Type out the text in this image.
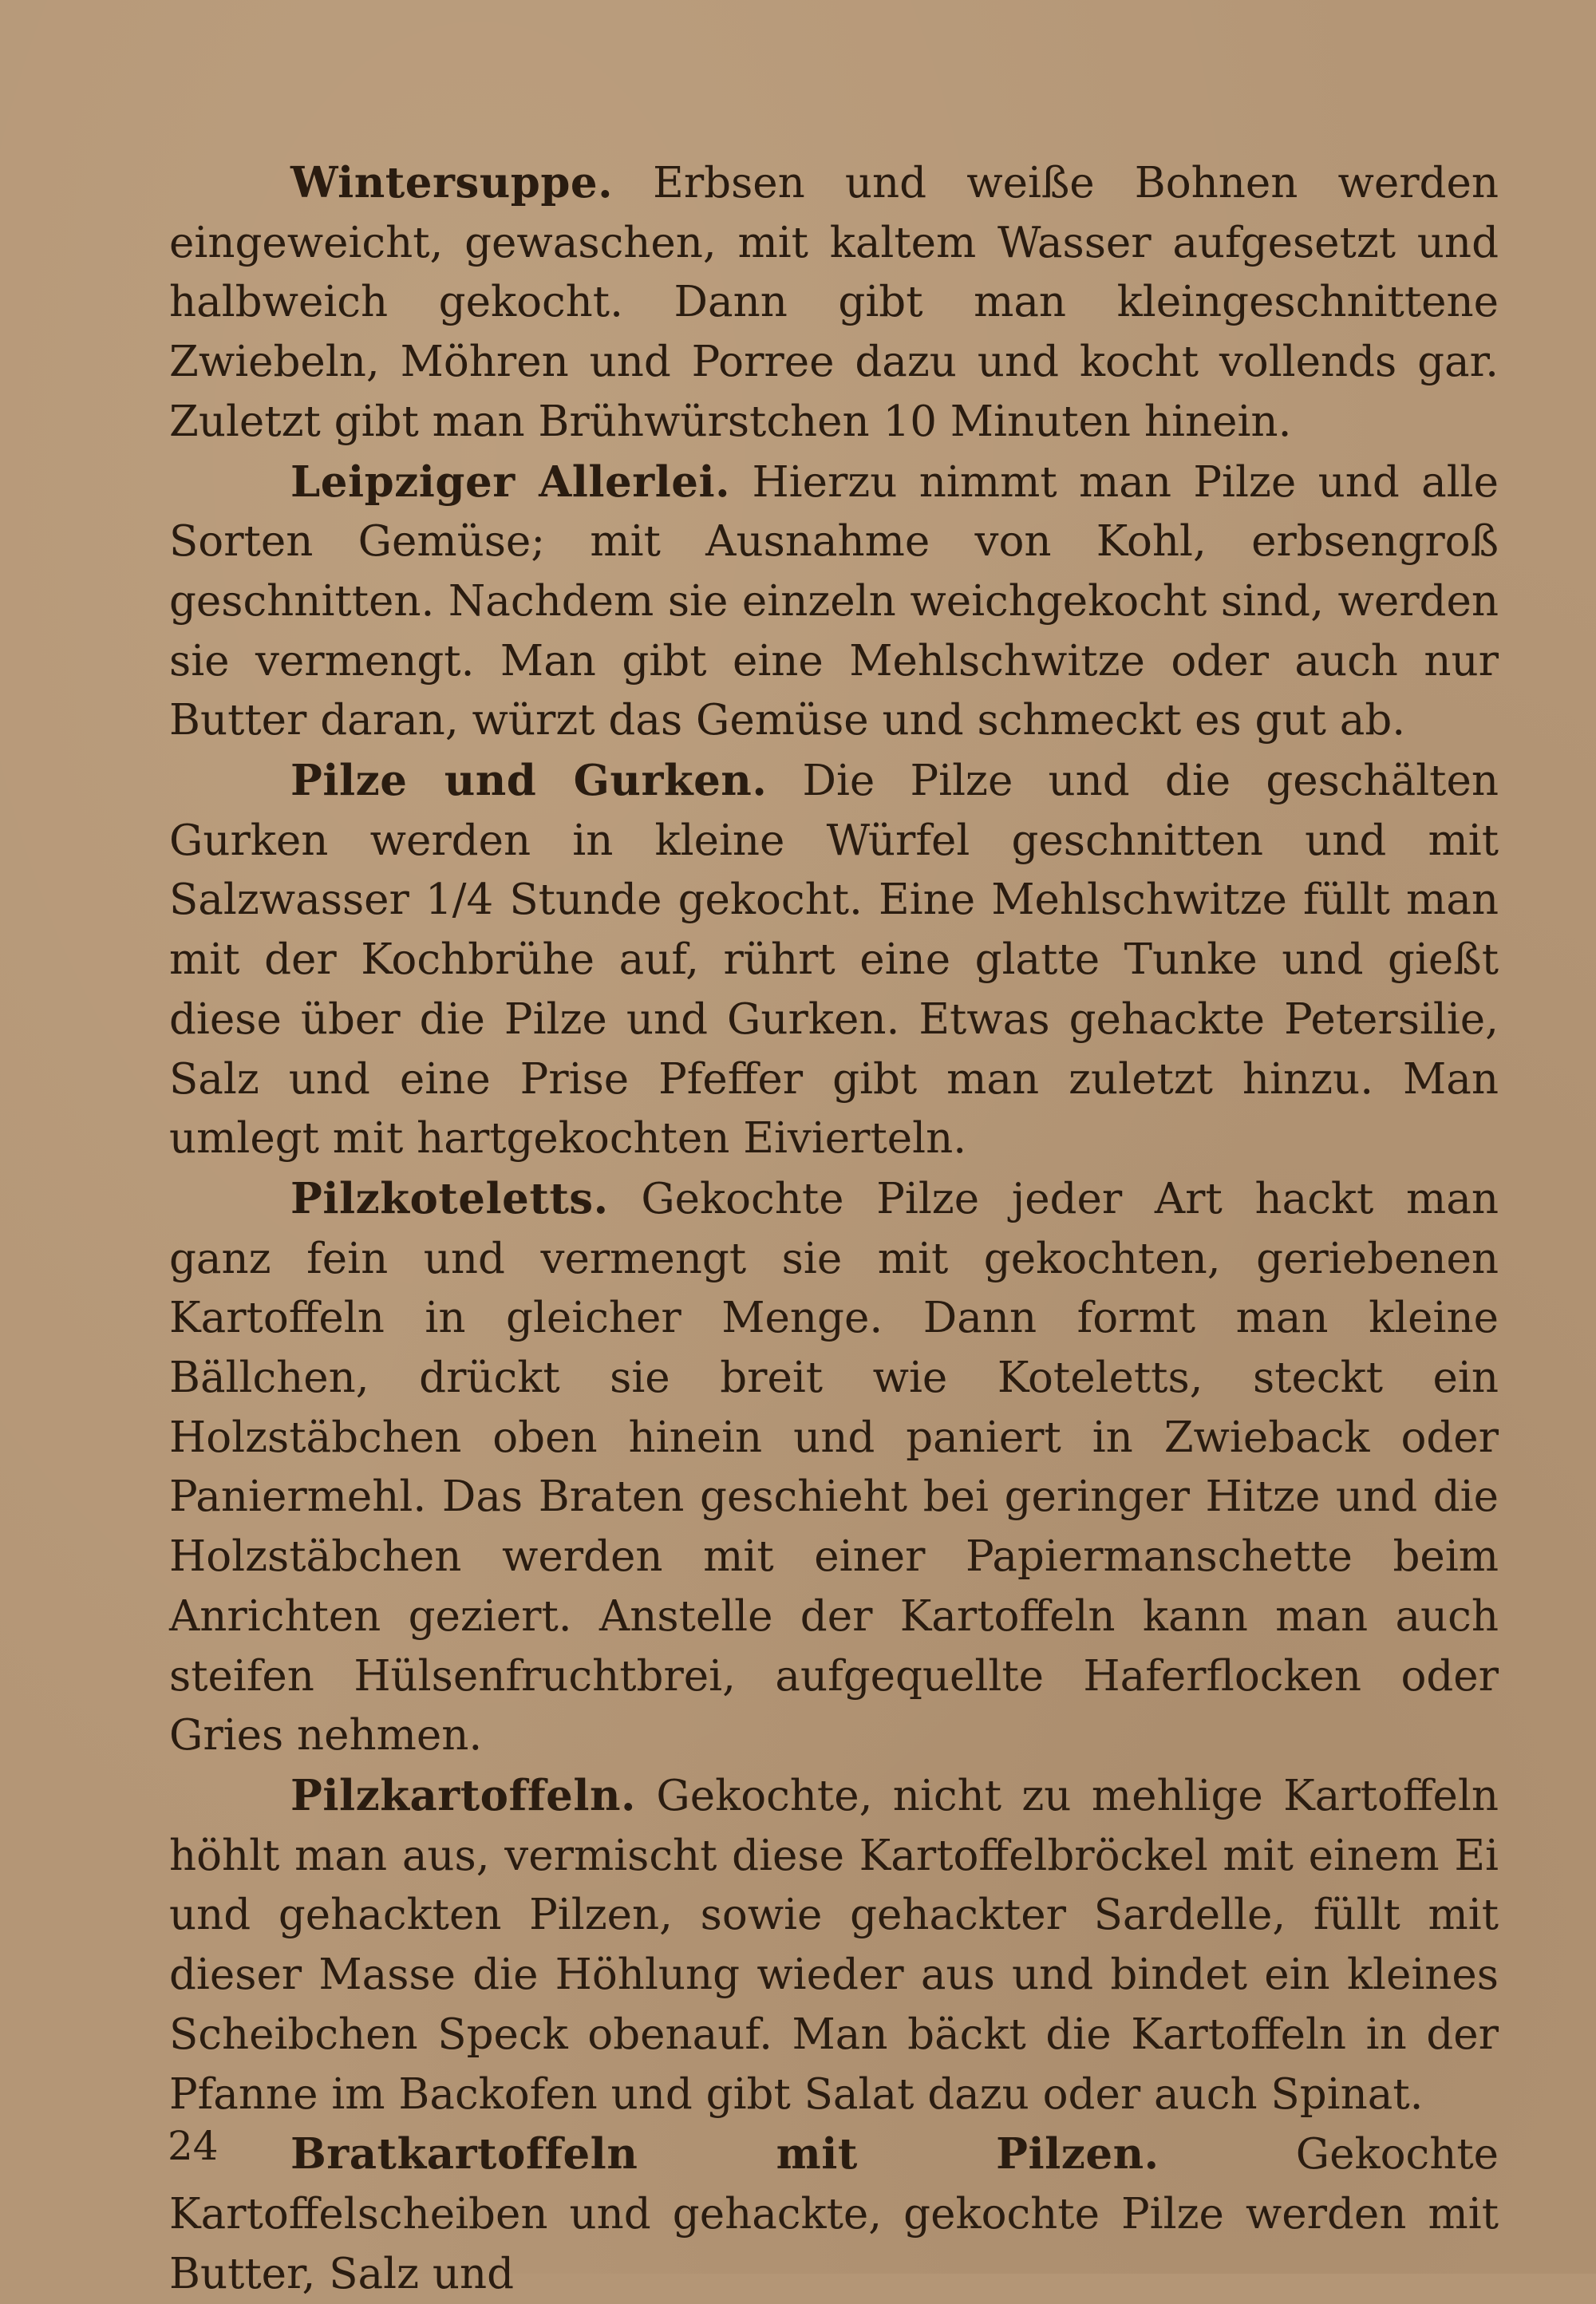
Wintersuppe. Erbsen und weiße Bohnen werden eingeweicht, gewaschen, mit kaltem Wasser aufgesetzt und halbweich gekocht. Dann gibt man kleingeschnittene Zwiebeln, Möhren und Porree dazu und kocht vollends gar. Zuletzt gibt man Brühwürstchen 10 Minuten hinein.

Leipziger Allerlei. Hierzu nimmt man Pilze und alle Sorten Gemüse; mit Ausnahme von Kohl, erbsengroß geschnitten. Nachdem sie einzeln weichgekocht sind, werden sie vermengt. Man gibt eine Mehlschwitze oder auch nur Butter daran, würzt das Gemüse und schmeckt es gut ab.

Pilze und Gurken. Die Pilze und die geschälten Gurken werden in kleine Würfel geschnitten und mit Salzwasser 1/4 Stunde gekocht. Eine Mehlschwitze füllt man mit der Kochbrühe auf, rührt eine glatte Tunke und gießt diese über die Pilze und Gurken. Etwas gehackte Petersilie, Salz und eine Prise Pfeffer gibt man zuletzt hinzu. Man umlegt mit hartgekochten Eivierteln.

Pilzkoteletts. Gekochte Pilze jeder Art hackt man ganz fein und vermengt sie mit gekochten, geriebenen Kartoffeln in gleicher Menge. Dann formt man kleine Bällchen, drückt sie breit wie Koteletts, steckt ein Holzstäbchen oben hinein und paniert in Zwieback oder Paniermehl. Das Braten geschieht bei geringer Hitze und die Holzstäbchen werden mit einer Papiermanschette beim Anrichten geziert. Anstelle der Kartoffeln kann man auch steifen Hülsenfruchtbrei, aufgequellte Haferflocken oder Gries nehmen.

Pilzkartoffeln. Gekochte, nicht zu mehlige Kartoffeln höhlt man aus, vermischt diese Kartoffelbröckel mit einem Ei und gehackten Pilzen, sowie gehackter Sardelle, füllt mit dieser Masse die Höhlung wieder aus und bindet ein kleines Scheibchen Speck obenauf. Man bäckt die Kartoffeln in der Pfanne im Backofen und gibt Salat dazu oder auch Spinat.

Bratkartoffeln mit Pilzen.	Gekochte Kartoffelscheiben und gehackte, gekochte Pilze werden mit Butter, Salz und

24
